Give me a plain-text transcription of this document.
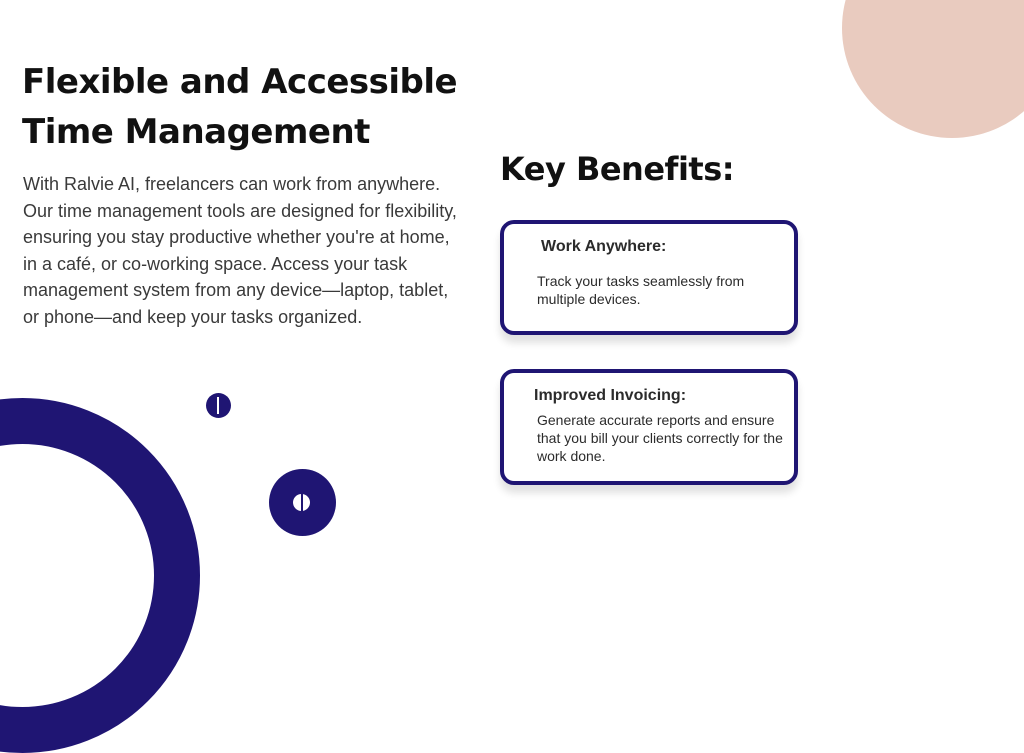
Flexible and Accessible
Time Management

With Ralvie AI, freelancers can work from anywhere. Our time management tools are designed for flexibility, ensuring you stay productive whether you're at home, in a café, or co-working space. Access your task management system from any device—laptop, tablet, or phone—and keep your tasks organized.

Key Benefits:
Work Anywhere:

Track your tasks seamlessly from multiple devices.

Improved Invoicing:

Generate accurate reports and ensure that you bill your clients correctly for the work done.
